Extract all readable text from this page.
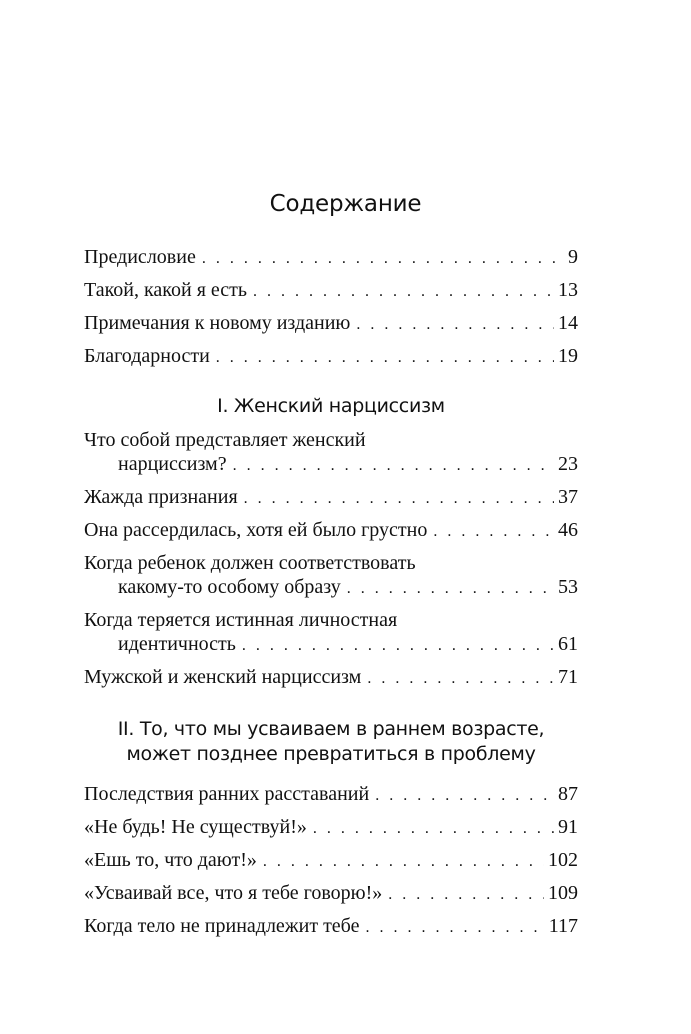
Содержание
Предисловие . . .	9
Такой, какой я есть . . .	13
Примечания к новому изданию . . .	14
Благодарности . . .	19
I. Женский нарциссизм
Что собой представляет женский
нарциссизм? . . .	23
Жажда признания . . .	37
Она рассердилась, хотя ей было грустно . . .	46
Когда ребенок должен соответствовать
какому-то особому образу . . .	53
Когда теряется истинная личностная
идентичность . . .	61
Мужской и женский нарциссизм . . .	71
II. То, что мы усваиваем в раннем возрасте,
может позднее превратиться в проблему
Последствия ранних расставаний . . .	87
«Не будь! Не существуй!» . . .	91
«Ешь то, что дают!» . . .	102
«Усваивай все, что я тебе говорю!» . . .	109
Когда тело не принадлежит тебе . . .	117
